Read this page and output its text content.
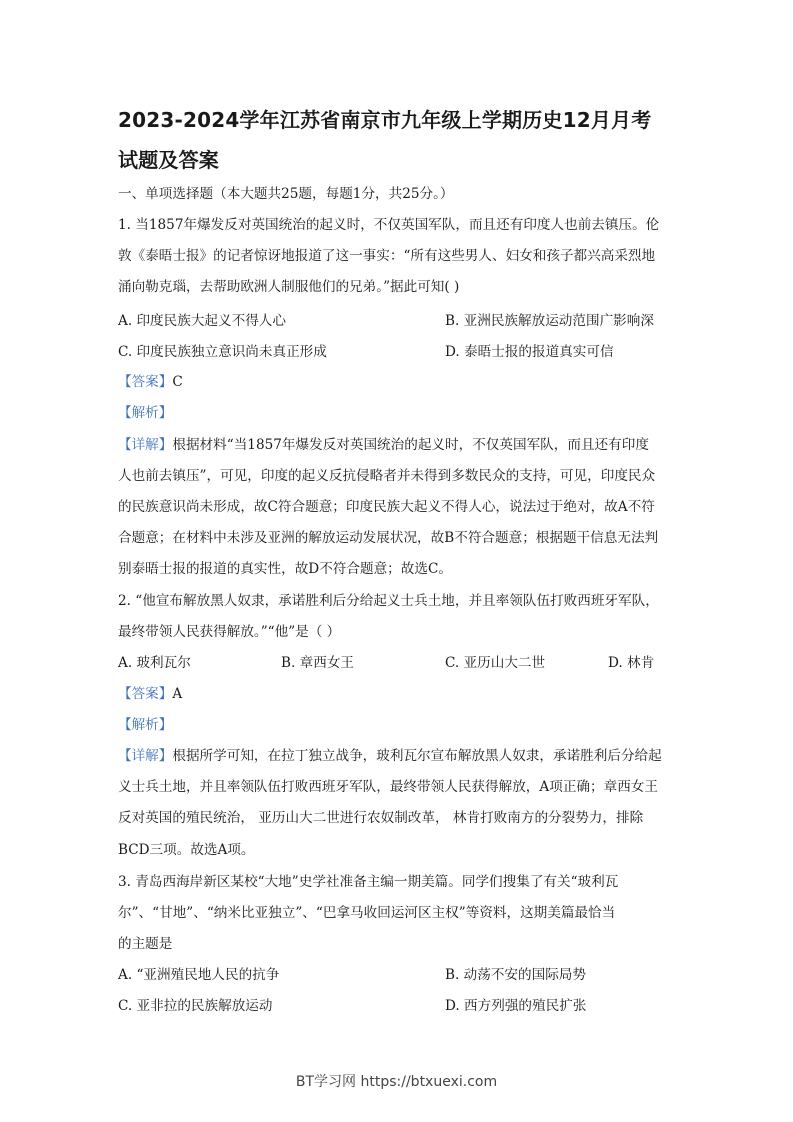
2023-2024学年江苏省南京市九年级上学期历史12月月考
试题及答案
一、单项选择题（本大题共25题，每题1分，共25分。）
1. 当1857年爆发反对英国统治的起义时，不仅英国军队，而且还有印度人也前去镇压。伦
敦《泰晤士报》的记者惊讶地报道了这一事实：“所有这些男人、妇女和孩子都兴高采烈地
涌向勒克瑙，去帮助欧洲人制服他们的兄弟。”据此可知( )
A. 印度民族大起义不得人心	B. 亚洲民族解放运动范围广影响深
C. 印度民族独立意识尚未真正形成	D. 泰晤士报的报道真实可信
【答案】C
【解析】
【详解】根据材料“当1857年爆发反对英国统治的起义时，不仅英国军队，而且还有印度
人也前去镇压”，可见，印度的起义反抗侵略者并未得到多数民众的支持，可见，印度民众
的民族意识尚未形成，故C符合题意；印度民族大起义不得人心，说法过于绝对，故A不符
合题意；在材料中未涉及亚洲的解放运动发展状况，故B不符合题意；根据题干信息无法判
别泰晤士报的报道的真实性，故D不符合题意；故选C。
2. “他宣布解放黑人奴隶，承诺胜利后分给起义士兵土地，并且率领队伍打败西班牙军队，
最终带领人民获得解放。”“他”是（ ）
A. 玻利瓦尔	B. 章西女王	C. 亚历山大二世	D. 林肯
【答案】A
【解析】
【详解】根据所学可知，在拉丁独立战争，玻利瓦尔宣布解放黑人奴隶，承诺胜利后分给起
义士兵土地，并且率领队伍打败西班牙军队，最终带领人民获得解放，A项正确；章西女王
反对英国的殖民统治， 亚历山大二世进行农奴制改革， 林肯打败南方的分裂势力，排除
BCD三项。故选A项。
3. 青岛西海岸新区某校“大地”史学社准备主编一期美篇。同学们搜集了有关“玻利瓦
尔”、“甘地”、“纳米比亚独立”、“巴拿马收回运河区主权”等资料，这期美篇最恰当
的主题是
A. “亚洲殖民地人民的抗争	B. 动荡不安的国际局势
C. 亚非拉的民族解放运动	D. 西方列强的殖民扩张
BT学习网 https://btxuexi.com
